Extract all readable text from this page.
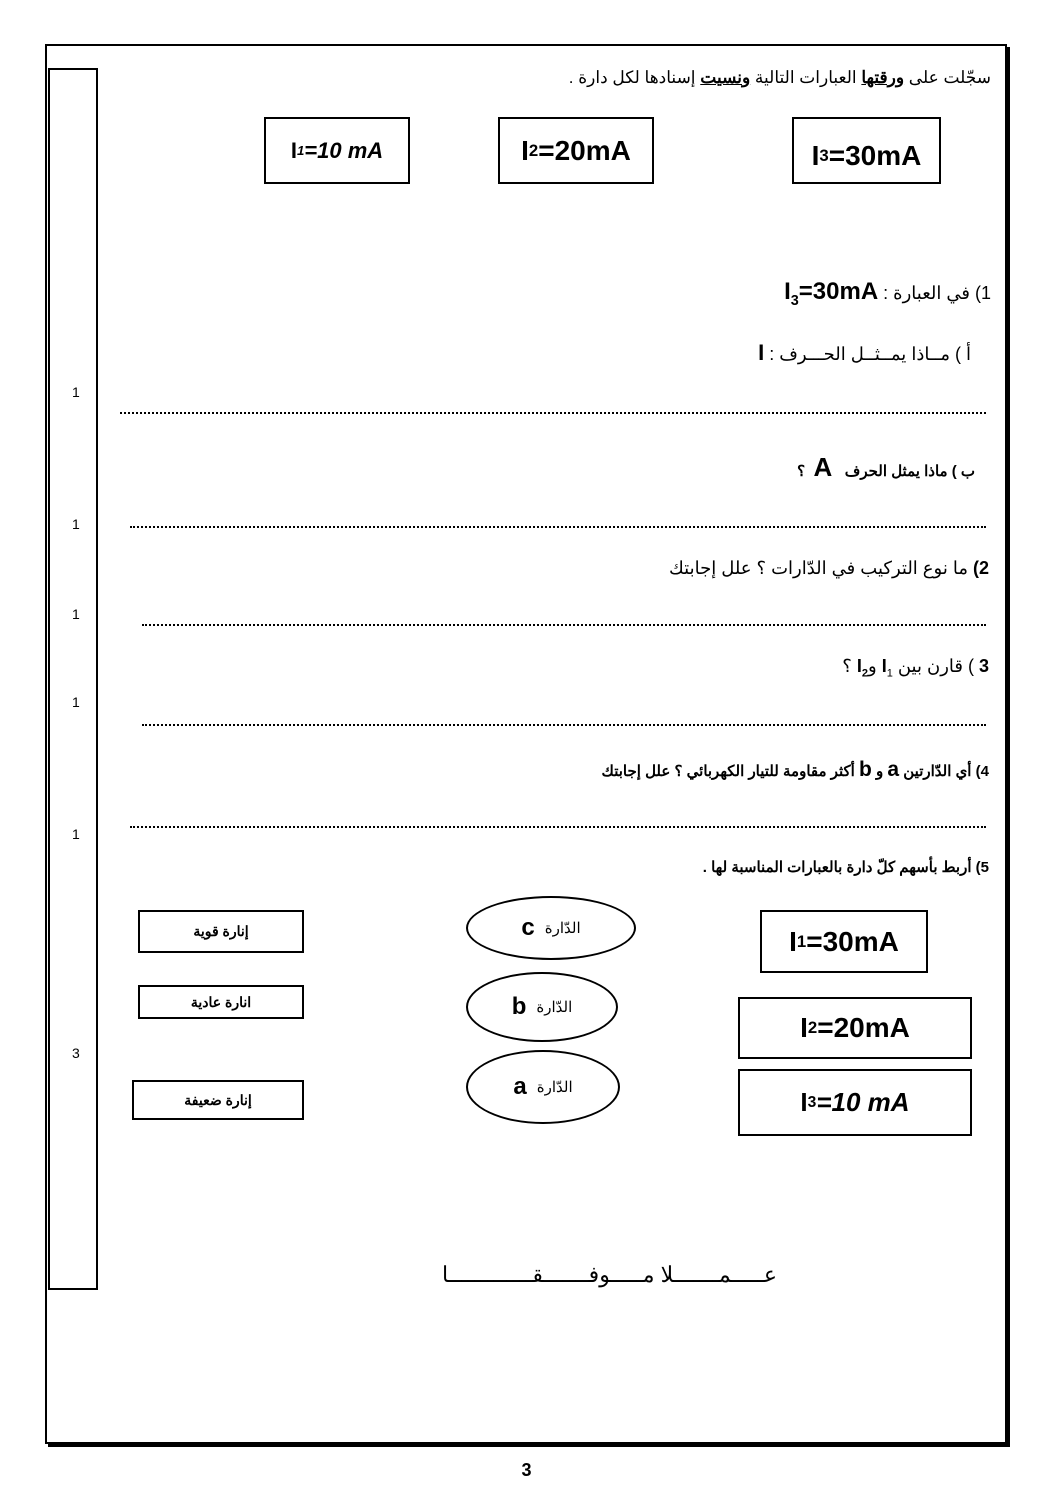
1
1
1
1
1
3
سجّلت على ورقتها العبارات التالية ونسيت إسنادها لكل دارة .
I 1 =10 mA	I 2 =20mA	I 3 =30mA
1) في العبارة : $I_3=30mA$
أ ) مــاذا يمــثــل الحـــرف : I
ب ) ماذا يمثل الحرف   A  ؟
2) ما نوع التركيب في الدّارات ؟ علل إجابتك
3 ) قارن بين $I_1$ وI$_2$ ؟
4) أي الدّارتين a و b أكثر مقاومة للتيار الكهربائي ؟ علل إجابتك
5) أربط بأسهم كلّ دارة بالعبارات المناسبة لها .
إنارة قوية
انارة عادية
إنارة ضعيفة
الدّارة
c
الدّارة
b
الدّارة
a
I 1 =30mA
I 2 =20mA
I 3 =10 mA
عـــــمـــــــلا مـــــوفـــــــقـــــــــــــا
3
